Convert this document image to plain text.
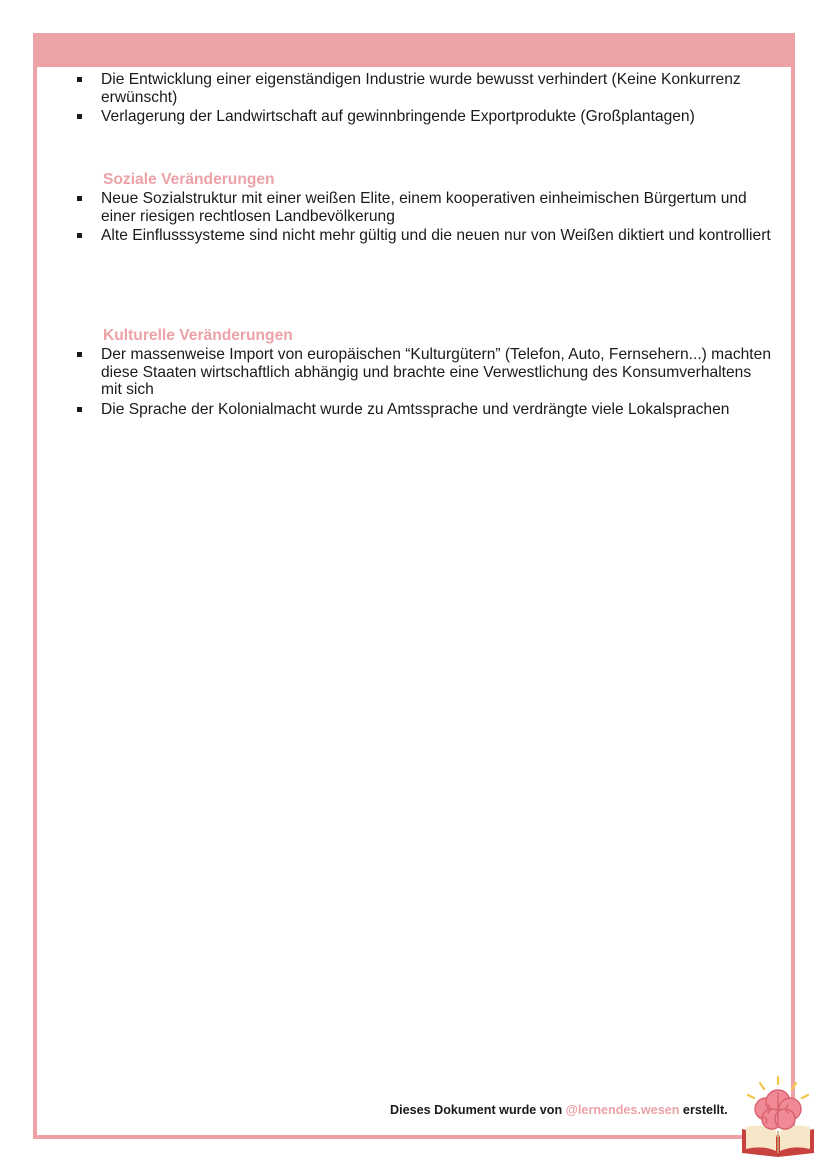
Die Entwicklung einer eigenständigen Industrie wurde bewusst verhindert (Keine Konkurrenz erwünscht)
Verlagerung der Landwirtschaft auf gewinnbringende Exportprodukte (Großplantagen)
Soziale Veränderungen
Neue Sozialstruktur mit einer weißen Elite, einem kooperativen einheimischen Bürgertum und einer riesigen rechtlosen Landbevölkerung
Alte Einflusssysteme sind nicht mehr gültig und die neuen nur von Weißen diktiert und kontrolliert
Kulturelle Veränderungen
Der massenweise Import von europäischen “Kulturgütern” (Telefon, Auto, Fernsehern...) machten diese Staaten wirtschaftlich abhängig und brachte eine Verwestlichung des Konsumverhaltens mit sich
Die Sprache der Kolonialmacht wurde zu Amtssprache und verdrängte viele Lokalsprachen
Dieses Dokument wurde von @lernendes.wesen erstellt.
